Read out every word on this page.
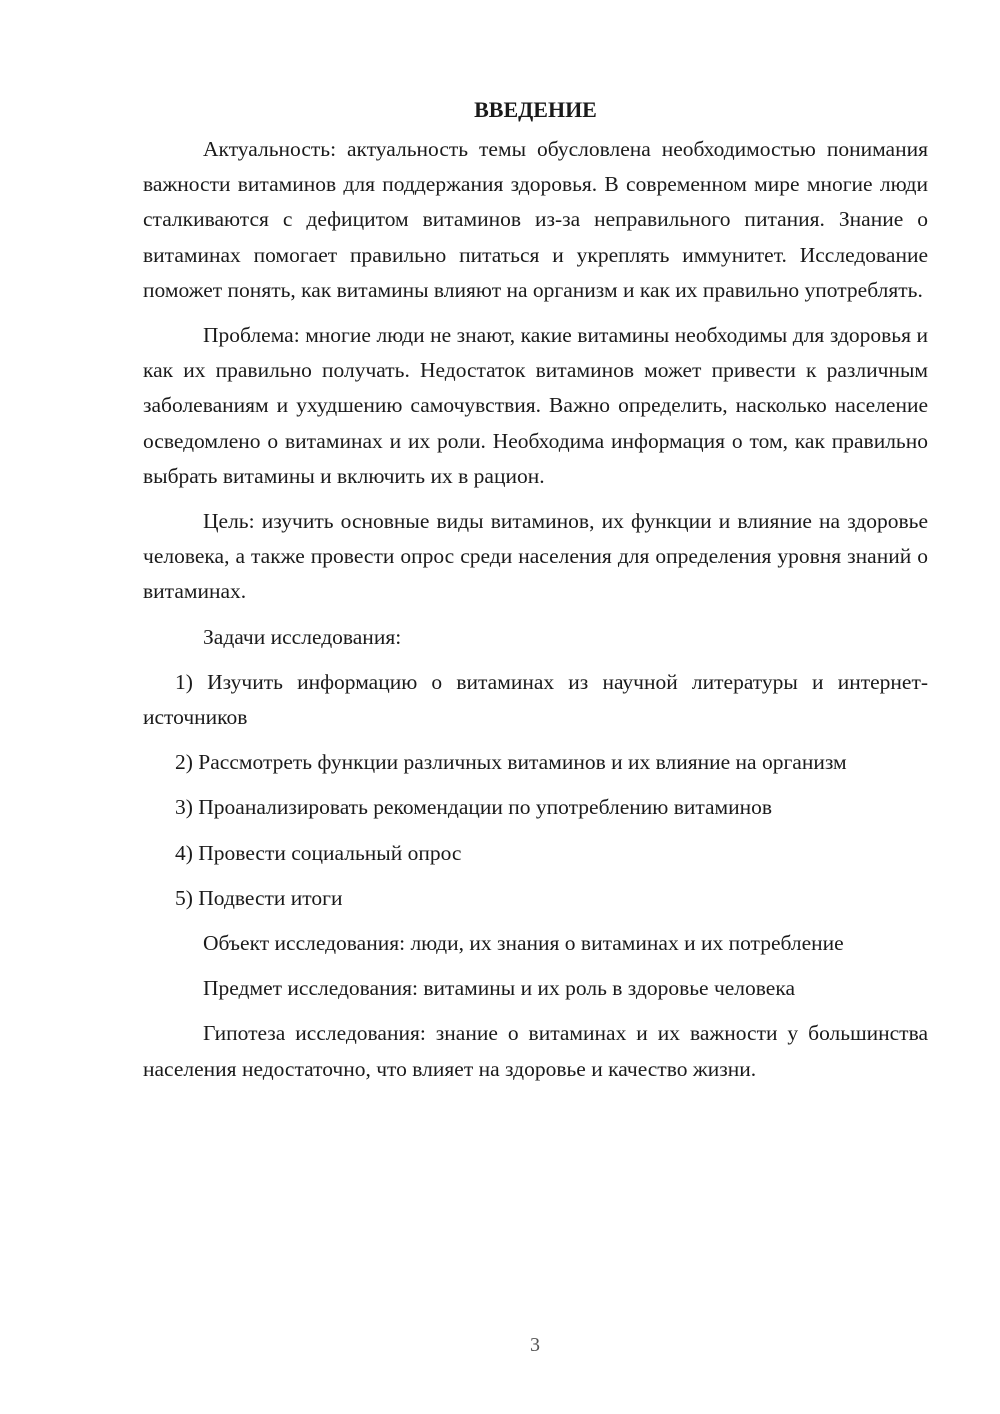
ВВЕДЕНИЕ

Актуальность: актуальность темы обусловлена необходимостью понимания важности витаминов для поддержания здоровья. В современном мире многие люди сталкиваются с дефицитом витаминов из-за неправильного питания. Знание о витаминах помогает правильно питаться и укреплять иммунитет. Исследование поможет понять, как витамины влияют на организм и как их правильно употреблять.

Проблема: многие люди не знают, какие витамины необходимы для здоровья и как их правильно получать. Недостаток витаминов может привести к различным заболеваниям и ухудшению самочувствия. Важно определить, насколько население осведомлено о витаминах и их роли. Необходима информация о том, как правильно выбрать витамины и включить их в рацион.

Цель: изучить основные виды витаминов, их функции и влияние на здоровье человека, а также провести опрос среди населения для определения уровня знаний о витаминах.

Задачи исследования:

1) Изучить информацию о витаминах из научной литературы и интернет-источников

2) Рассмотреть функции различных витаминов и их влияние на организм

3) Проанализировать рекомендации по употреблению витаминов

4) Провести социальный опрос

5) Подвести итоги

Объект исследования: люди, их знания о витаминах и их потребление

Предмет исследования: витамины и их роль в здоровье человека

Гипотеза исследования: знание о витаминах и их важности у большинства населения недостаточно, что влияет на здоровье и качество жизни.

3
